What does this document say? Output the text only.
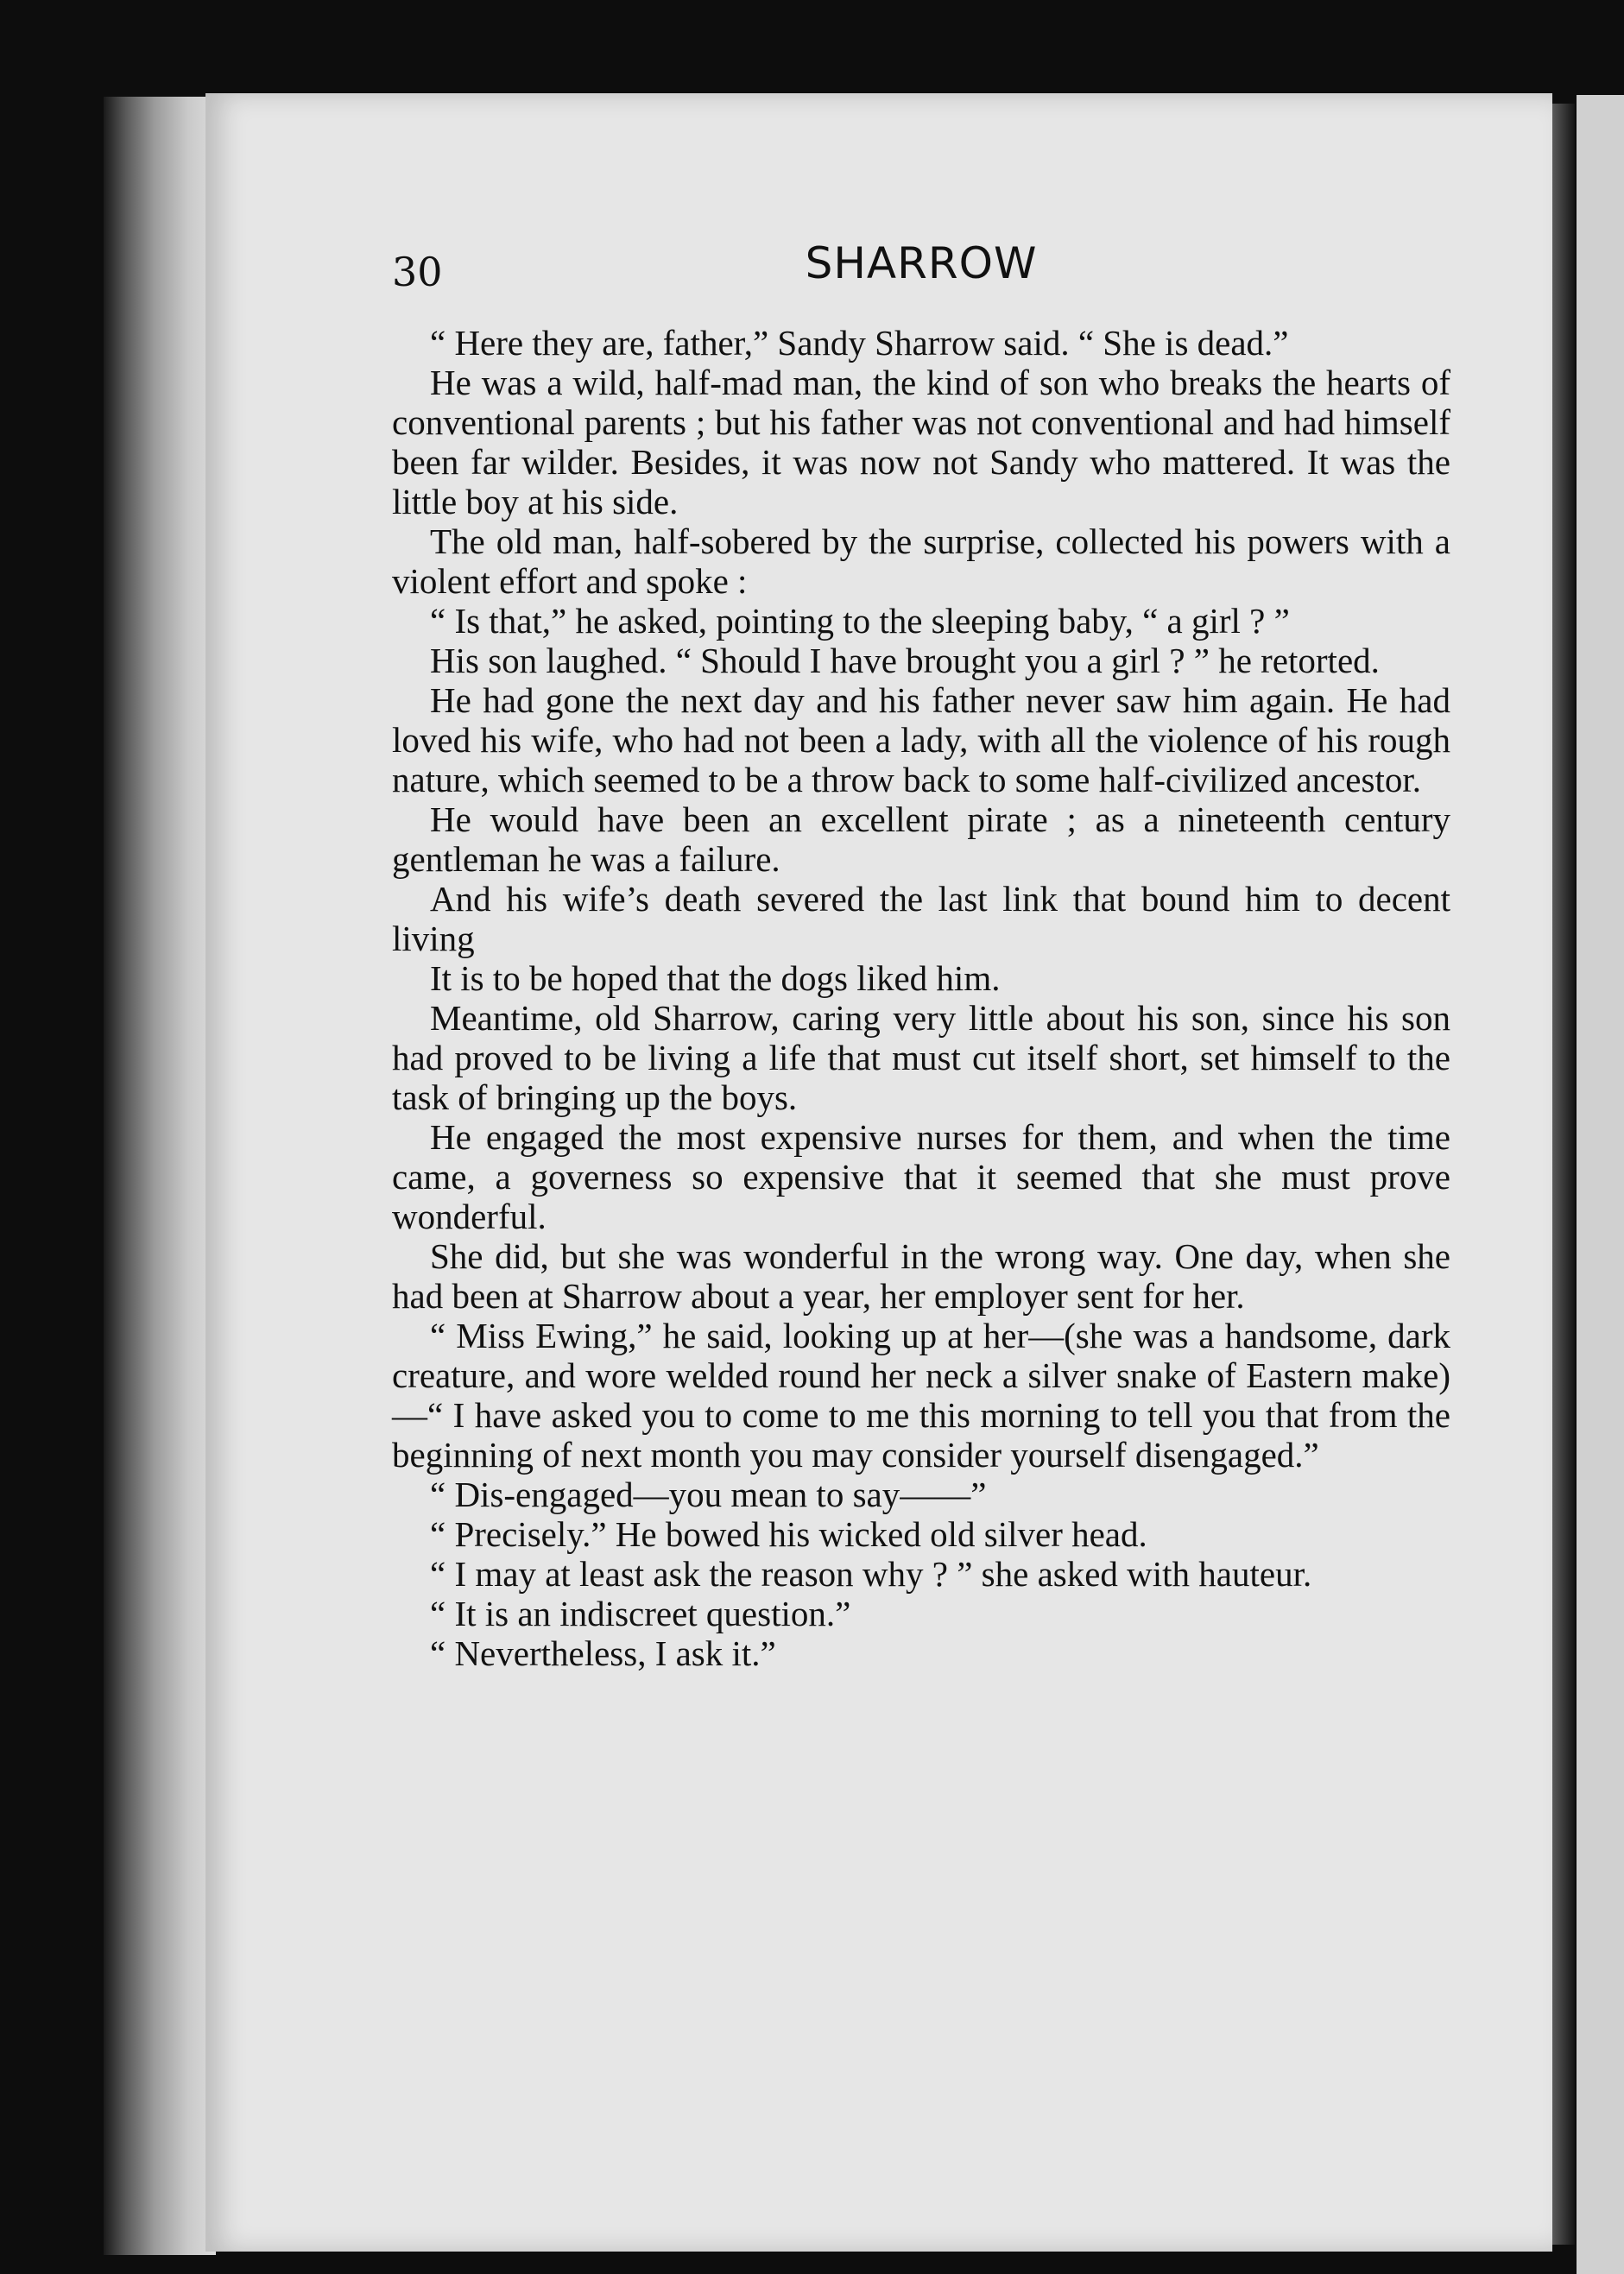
30	SHARROW

“ Here they are, father,” Sandy Sharrow said. “ She is dead.”

He was a wild, half-mad man, the kind of son who breaks the hearts of conventional parents ; but his father was not conventional and had himself been far wilder. Besides, it was now not Sandy who mattered. It was the little boy at his side.

The old man, half-sobered by the surprise, collected his powers with a violent effort and spoke :

“ Is that,” he asked, pointing to the sleeping baby, “ a girl ? ”

His son laughed. “ Should I have brought you a girl ? ” he retorted.

He had gone the next day and his father never saw him again. He had loved his wife, who had not been a lady, with all the violence of his rough nature, which seemed to be a throw back to some half-civilized ancestor.

He would have been an excellent pirate ; as a nineteenth century gentleman he was a failure.

And his wife’s death severed the last link that bound him to decent living

It is to be hoped that the dogs liked him.

Meantime, old Sharrow, caring very little about his son, since his son had proved to be living a life that must cut itself short, set himself to the task of bringing up the boys.

He engaged the most expensive nurses for them, and when the time came, a governess so expensive that it seemed that she must prove wonderful.

She did, but she was wonderful in the wrong way. One day, when she had been at Sharrow about a year, her employer sent for her.

“ Miss Ewing,” he said, looking up at her—(she was a handsome, dark creature, and wore welded round her neck a silver snake of Eastern make)—“ I have asked you to come to me this morning to tell you that from the beginning of next month you may consider yourself disengaged.”

“ Dis-engaged—you mean to say——”

“ Precisely.” He bowed his wicked old silver head.

“ I may at least ask the reason why ? ” she asked with hauteur.

“ It is an indiscreet question.”

“ Nevertheless, I ask it.”
